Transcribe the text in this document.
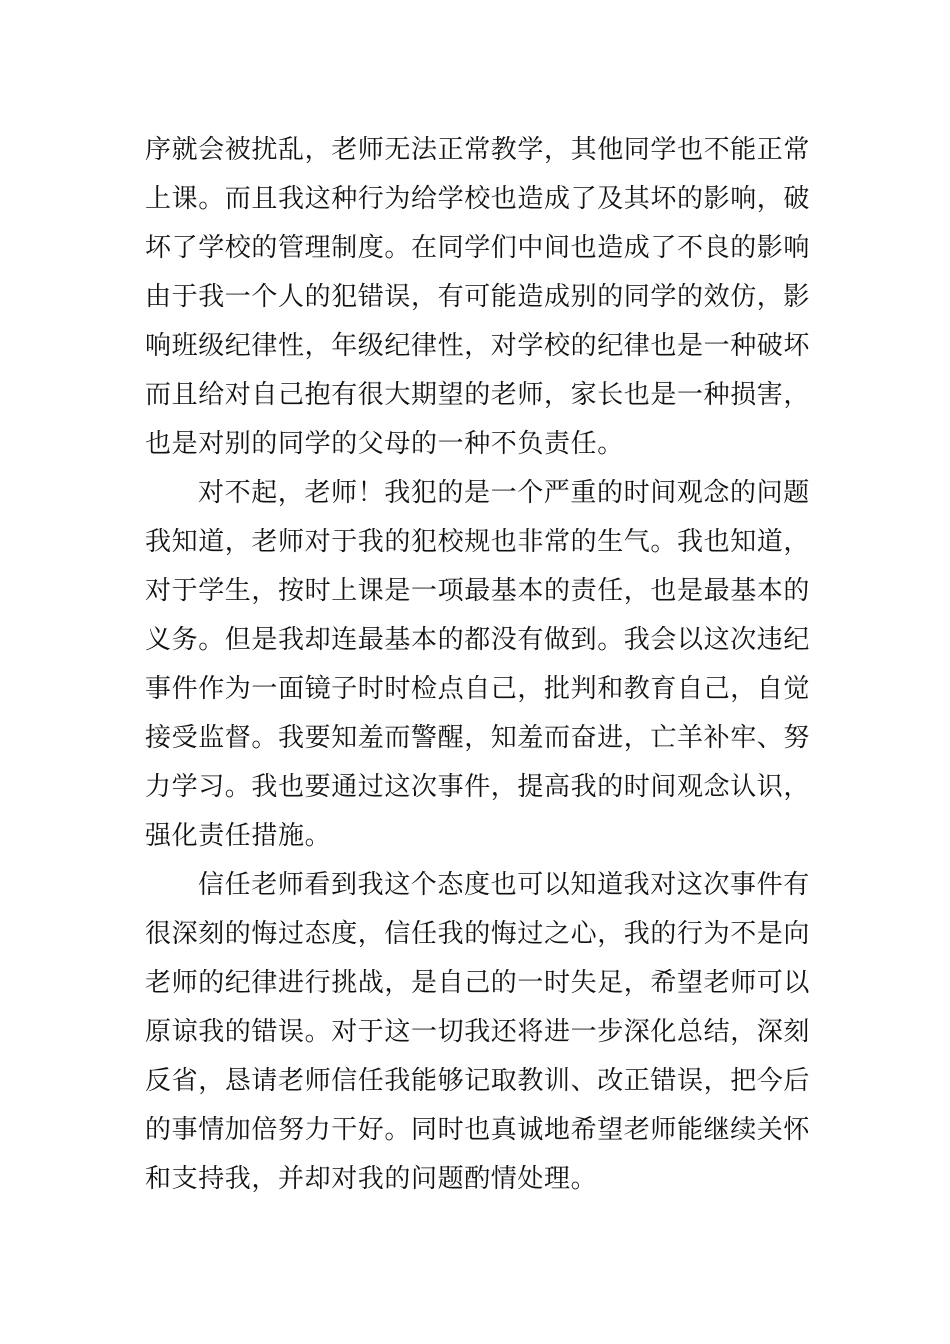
序就会被扰乱，老师无法正常教学，其他同学也不能正常
上课。而且我这种行为给学校也造成了及其坏的影响，破
坏了学校的管理制度。在同学们中间也造成了不良的影响
由于我一个人的犯错误，有可能造成别的同学的效仿，影
响班级纪律性，年级纪律性，对学校的纪律也是一种破坏
而且给对自己抱有很大期望的老师，家长也是一种损害，
也是对别的同学的父母的一种不负责任。
对不起，老师！我犯的是一个严重的时间观念的问题
我知道，老师对于我的犯校规也非常的生气。我也知道，
对于学生，按时上课是一项最基本的责任，也是最基本的
义务。但是我却连最基本的都没有做到。我会以这次违纪
事件作为一面镜子时时检点自己，批判和教育自己，自觉
接受监督。我要知羞而警醒，知羞而奋进，亡羊补牢、努
力学习。我也要通过这次事件，提高我的时间观念认识，
强化责任措施。
信任老师看到我这个态度也可以知道我对这次事件有
很深刻的悔过态度，信任我的悔过之心，我的行为不是向
老师的纪律进行挑战，是自己的一时失足，希望老师可以
原谅我的错误。对于这一切我还将进一步深化总结，深刻
反省，恳请老师信任我能够记取教训、改正错误，把今后
的事情加倍努力干好。同时也真诚地希望老师能继续关怀
和支持我，并却对我的问题酌情处理。
